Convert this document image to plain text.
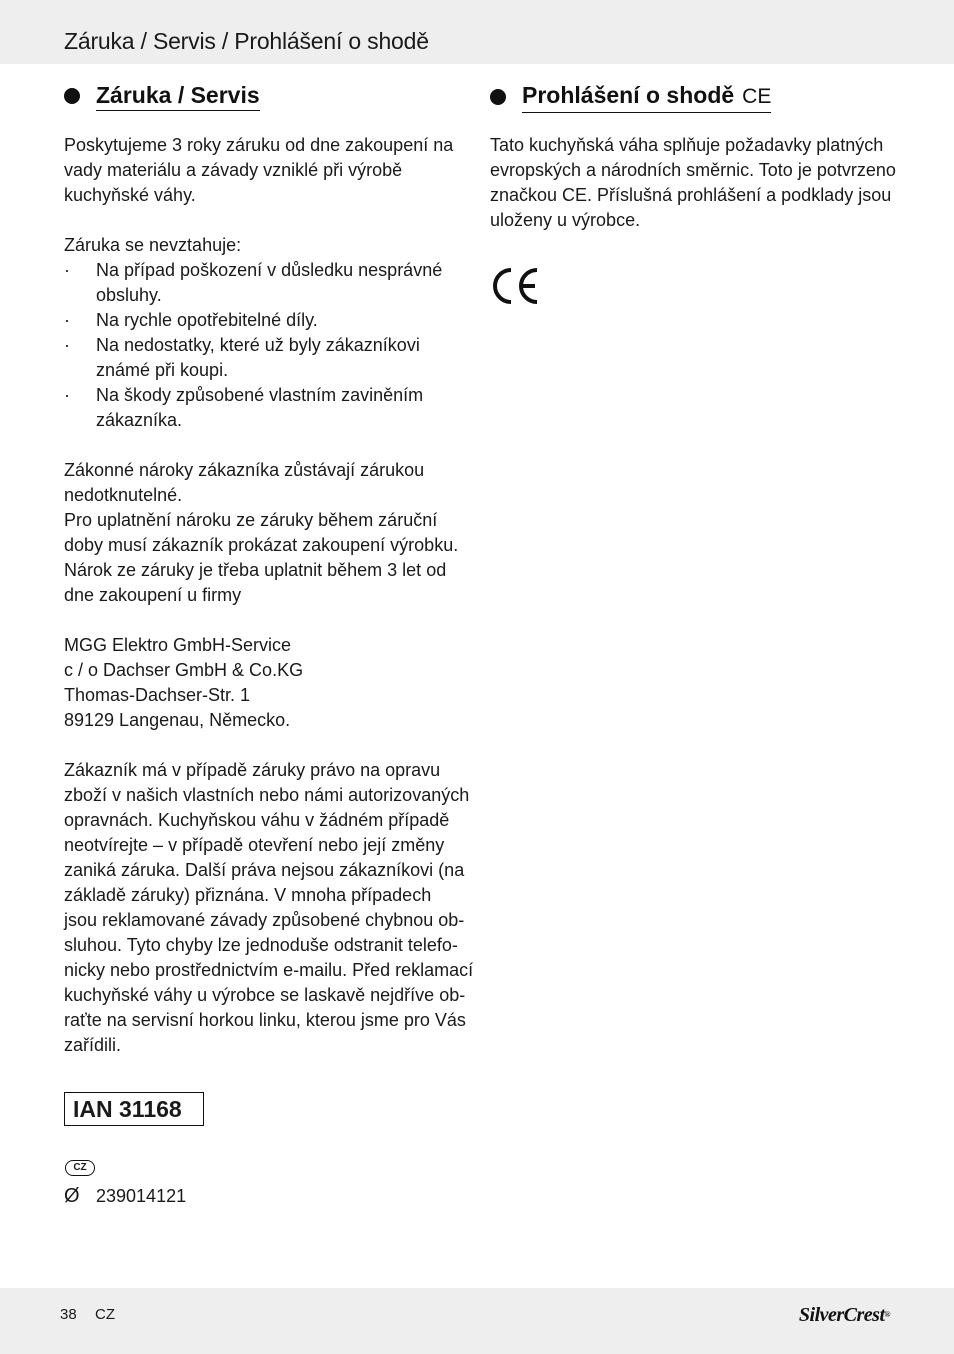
Záruka / Servis / Prohlášení o shodě
Záruka / Servis
Poskytujeme 3 roky záruku od dne zakoupení na
vady materiálu a závady vzniklé při výrobě
kuchyňské váhy.
Záruka se nevztahuje:
· Na případ poškození v důsledku nesprávné
obsluhy.
· Na rychle opotřebitelné díly.
· Na nedostatky, které už byly zákazníkovi
známé při koupi.
· Na škody způsobené vlastním zaviněním
zákazníka.
Zákonné nároky zákazníka zůstávají zárukou
nedotknutelné.
Pro uplatnění nároku ze záruky během záruční
doby musí zákazník prokázat zakoupení výrobku.
Nárok ze záruky je třeba uplatnit během 3 let od
dne zakoupení u firmy
MGG Elektro GmbH-Service
c / o Dachser GmbH & Co.KG
Thomas-Dachser-Str. 1
89129 Langenau, Německo.
Zákazník má v případě záruky právo na opravu
zboží v našich vlastních nebo námi autorizovaných
opravnách. Kuchyňskou váhu v žádném případě
neotvírejte – v případě otevření nebo její změny
zaniká záruka. Další práva nejsou zákazníkovi (na
základě záruky) přiznána. V mnoha případech
jsou reklamované závady způsobené chybnou ob-
sluhou. Tyto chyby lze jednoduše odstranit telefo-
nicky nebo prostřednictvím e-mailu. Před reklamací
kuchyňské váhy u výrobce se laskavě nejdříve ob-
raťte na servisní horkou linku, kterou jsme pro Vás
zařídili.
IAN 31168
CZ
Ø 239014121
Prohlášení o shodě CE
Tato kuchyňská váha splňuje požadavky platných
evropských a národních směrnic. Toto je potvrzeno
značkou CE. Příslušná prohlášení a podklady jsou
uloženy u výrobce.
38 CZ	SilverCrest®
